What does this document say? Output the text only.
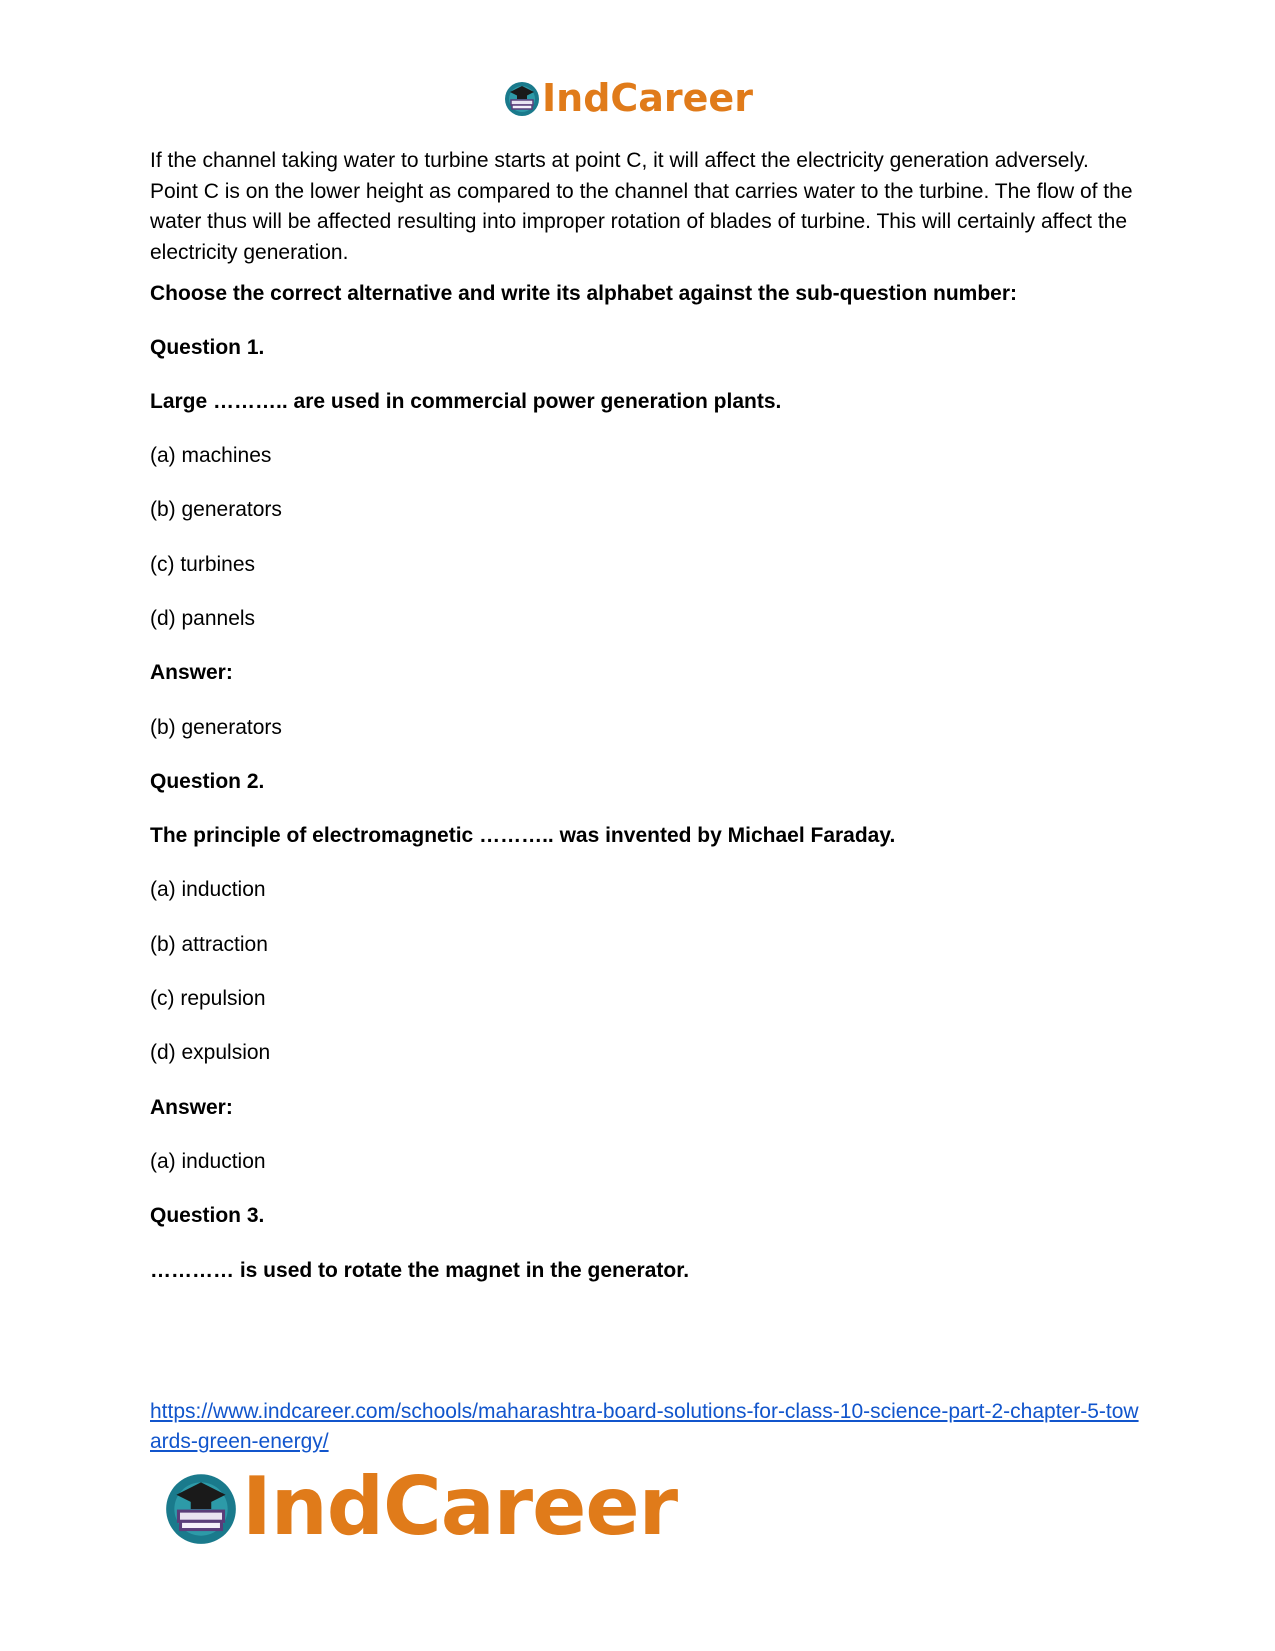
IndCareer

If the channel taking water to turbine starts at point C, it will affect the electricity generation adversely. Point C is on the lower height as compared to the channel that carries water to the turbine. The flow of the water thus will be affected resulting into improper rotation of blades of turbine. This will certainly affect the electricity generation.

Choose the correct alternative and write its alphabet against the sub-question number:
Question 1.
Large ……….. are used in commercial power generation plants.
(a) machines
(b) generators
(c) turbines
(d) pannels
Answer:
(b) generators
Question 2.
The principle of electromagnetic ……….. was invented by Michael Faraday.
(a) induction
(b) attraction
(c) repulsion
(d) expulsion
Answer:
(a) induction
Question 3.
………… is used to rotate the magnet in the generator.
https://www.indcareer.com/schools/maharashtra-board-solutions-for-class-10-science-part-2-chapter-5-towards-green-energy/
IndCareer
